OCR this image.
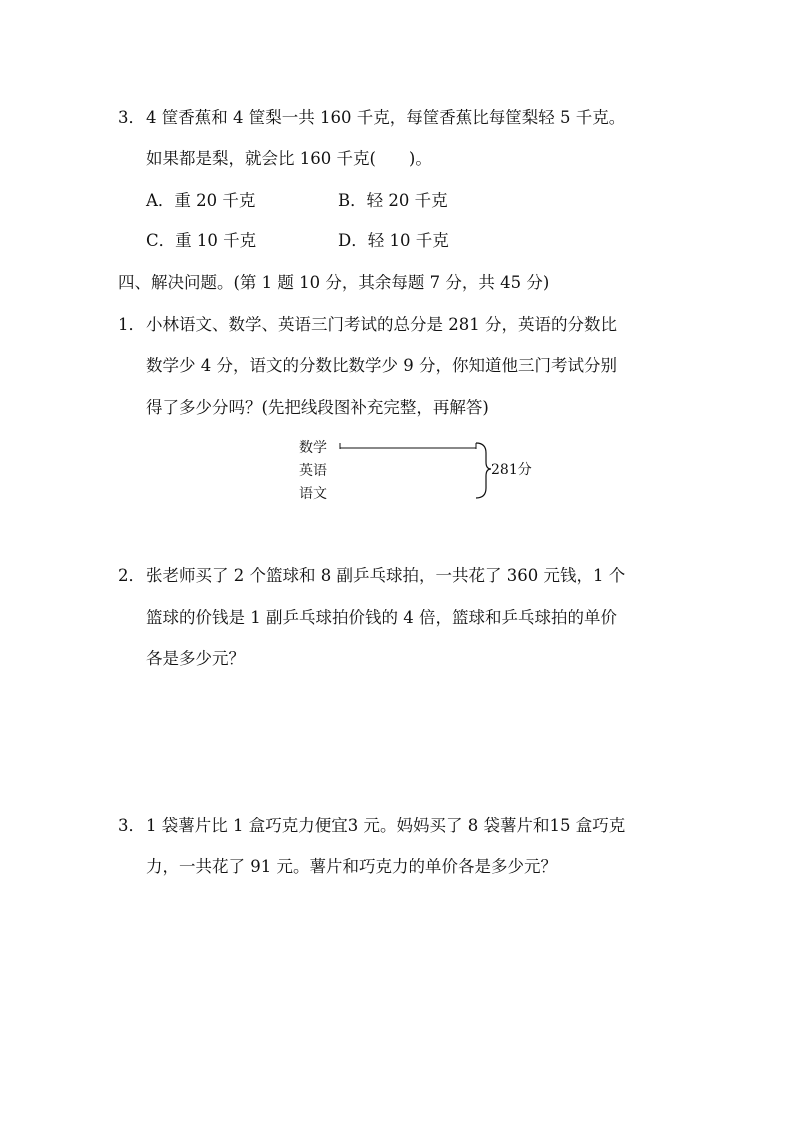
3．4 筐香蕉和 4 筐梨一共 160 千克，每筐香蕉比每筐梨轻 5 千克。
如果都是梨，就会比 160 千克(　　)。
A．重 20 千克	B．轻 20 千克
C．重 10 千克	D．轻 10 千克
四、解决问题。(第 1 题 10 分，其余每题 7 分，共 45 分)
1．小林语文、数学、英语三门考试的总分是 281 分，英语的分数比
数学少 4 分，语文的分数比数学少 9 分，你知道他三门考试分别
得了多少分吗？(先把线段图补充完整，再解答)
数学
英语
语文
281分
2．张老师买了 2 个篮球和 8 副乒乓球拍，一共花了 360 元钱，1 个
篮球的价钱是 1 副乒乓球拍价钱的 4 倍，篮球和乒乓球拍的单价
各是多少元？
3．1 袋薯片比 1 盒巧克力便宜3 元。妈妈买了 8 袋薯片和15 盒巧克
力，一共花了 91 元。薯片和巧克力的单价各是多少元？
